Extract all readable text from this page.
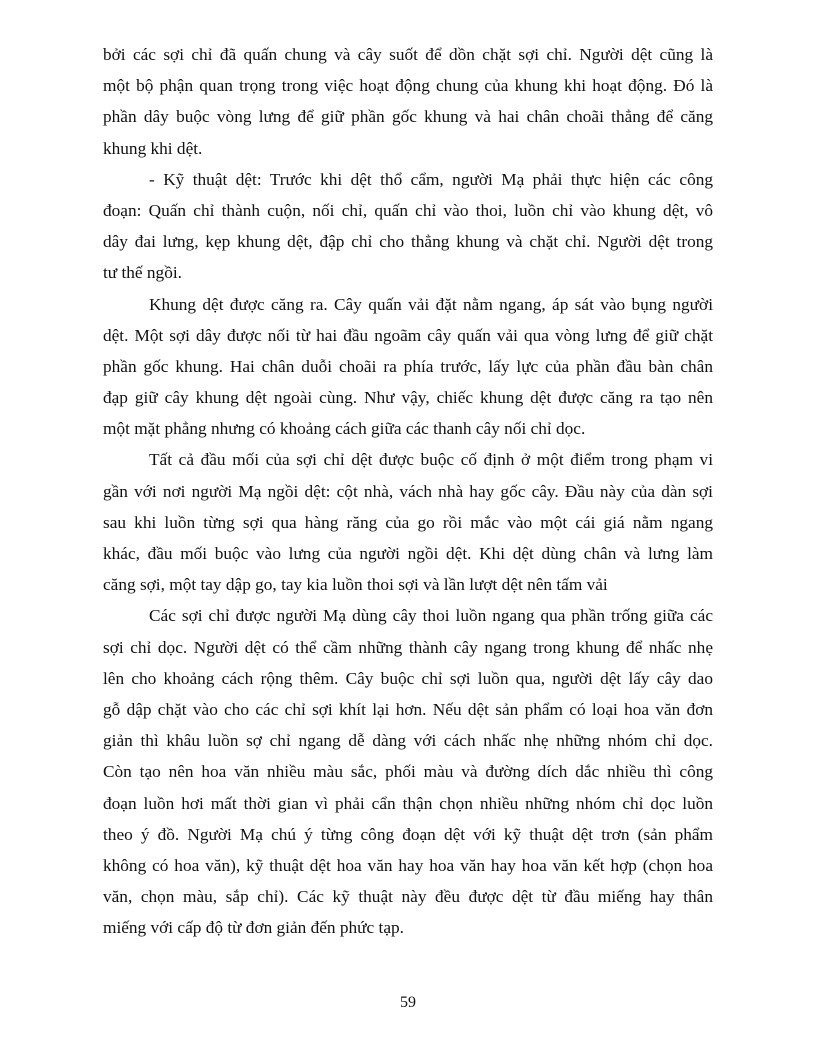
bởi các sợi chỉ đã quấn chung và cây suốt để dồn chặt sợi chỉ. Người dệt cũng là
một bộ phận quan trọng trong việc hoạt động chung của khung khi hoạt động. Đó là
phần dây buộc vòng lưng để giữ phần gốc khung và hai chân choãi thẳng để căng
khung khi dệt.
- Kỹ thuật dệt: Trước khi dệt thổ cẩm, người Mạ phải thực hiện các công
đoạn: Quấn chỉ thành cuộn, nối chỉ, quấn chỉ vào thoi, luồn chỉ vào khung dệt, vô
dây đai lưng, kẹp khung dệt, đập chỉ cho thẳng khung và chặt chỉ. Người dệt trong
tư thế ngồi.
Khung dệt được căng ra. Cây quấn vải đặt nằm ngang, áp sát vào bụng người
dệt. Một sợi dây được nối từ hai đầu ngoãm cây quấn vải qua vòng lưng để giữ chặt
phần gốc khung. Hai chân duỗi choãi ra phía trước, lấy lực của phần đầu bàn chân
đạp giữ cây khung dệt ngoài cùng. Như vậy, chiếc khung dệt được căng ra tạo nên
một mặt phẳng nhưng có khoảng cách giữa các thanh cây nối chỉ dọc.
Tất cả đầu mối của sợi chỉ dệt được buộc cố định ở một điểm trong phạm vi
gần với nơi người Mạ ngồi dệt: cột nhà, vách nhà hay gốc cây. Đầu này của dàn sợi
sau khi luồn từng sợi qua hàng răng của go rồi mắc vào một cái giá nằm ngang
khác, đầu mối buộc vào lưng của người ngồi dệt. Khi dệt dùng chân và lưng làm
căng sợi, một tay dập go, tay kia luồn thoi sợi và lần lượt dệt nên tấm vải
Các sợi chỉ được người Mạ dùng cây thoi luồn ngang qua phần trống giữa các
sợi chỉ dọc. Người dệt có thể cầm những thành cây ngang trong khung để nhấc nhẹ
lên cho khoảng cách rộng thêm. Cây buộc chỉ sợi luồn qua, người dệt lấy cây dao
gỗ dập chặt vào cho các chỉ sợi khít lại hơn. Nếu dệt sản phẩm có loại hoa văn đơn
giản thì khâu luồn sợ chỉ ngang dễ dàng với cách nhấc nhẹ những nhóm chỉ dọc.
Còn tạo nên hoa văn nhiều màu sắc, phối màu và đường dích dắc nhiều thì công
đoạn luồn hơi mất thời gian vì phải cẩn thận chọn nhiều những nhóm chỉ dọc luồn
theo ý đồ. Người Mạ chú ý từng công đoạn dệt với kỹ thuật dệt trơn (sản phẩm
không có hoa văn), kỹ thuật dệt hoa văn hay hoa văn hay hoa văn kết hợp (chọn hoa
văn, chọn màu, sắp chỉ). Các kỹ thuật này đều được dệt từ đầu miếng hay thân
miếng với cấp độ từ đơn giản đến phức tạp.
59
